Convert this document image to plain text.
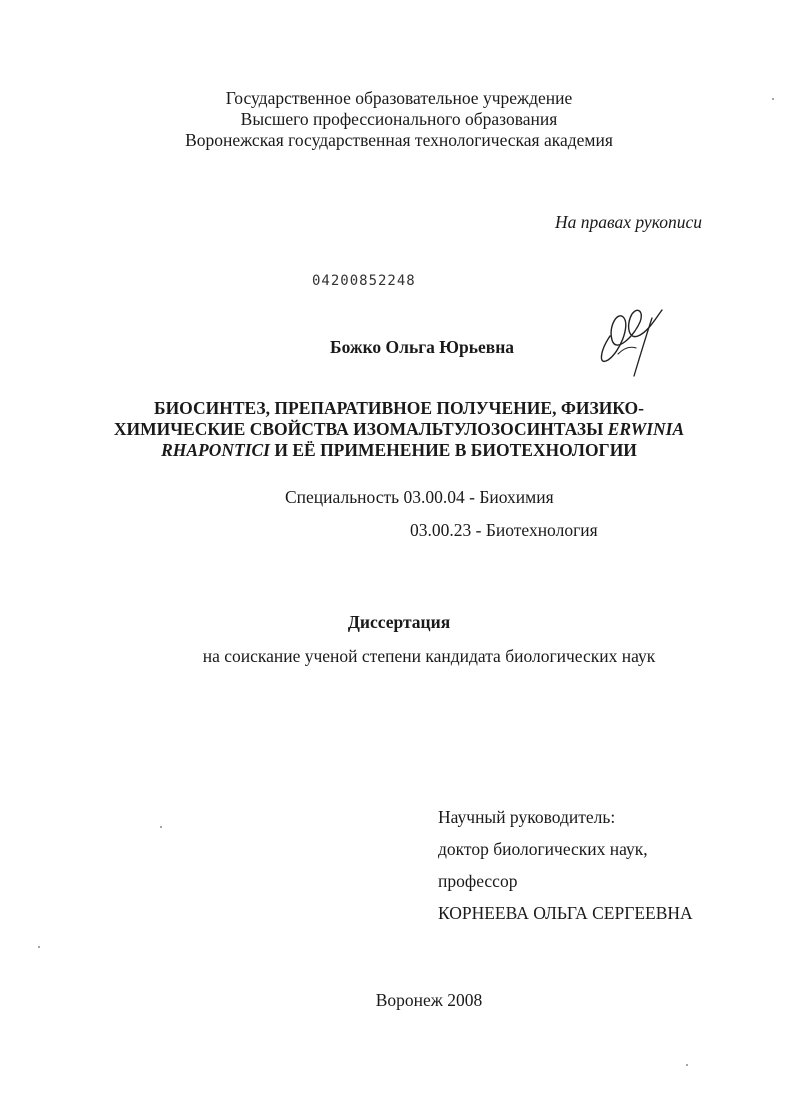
Государственное образовательное учреждение
Высшего профессионального образования
Воронежская государственная технологическая академия
На правах рукописи
04200852248
Божко Ольга Юрьевна
БИОСИНТЕЗ, ПРЕПАРАТИВНОЕ ПОЛУЧЕНИЕ, ФИЗИКО-
ХИМИЧЕСКИЕ СВОЙСТВА ИЗОМАЛЬТУЛОЗОСИНТАЗЫ ERWINIA
RHAPONTICI И ЕЁ ПРИМЕНЕНИЕ В БИОТЕХНОЛОГИИ
Специальность 03.00.04 - Биохимия
03.00.23 - Биотехнология
Диссертация
на соискание ученой степени кандидата биологических наук
Научный руководитель:
доктор биологических наук,
профессор
КОРНЕЕВА ОЛЬГА СЕРГЕЕВНА
Воронеж 2008
